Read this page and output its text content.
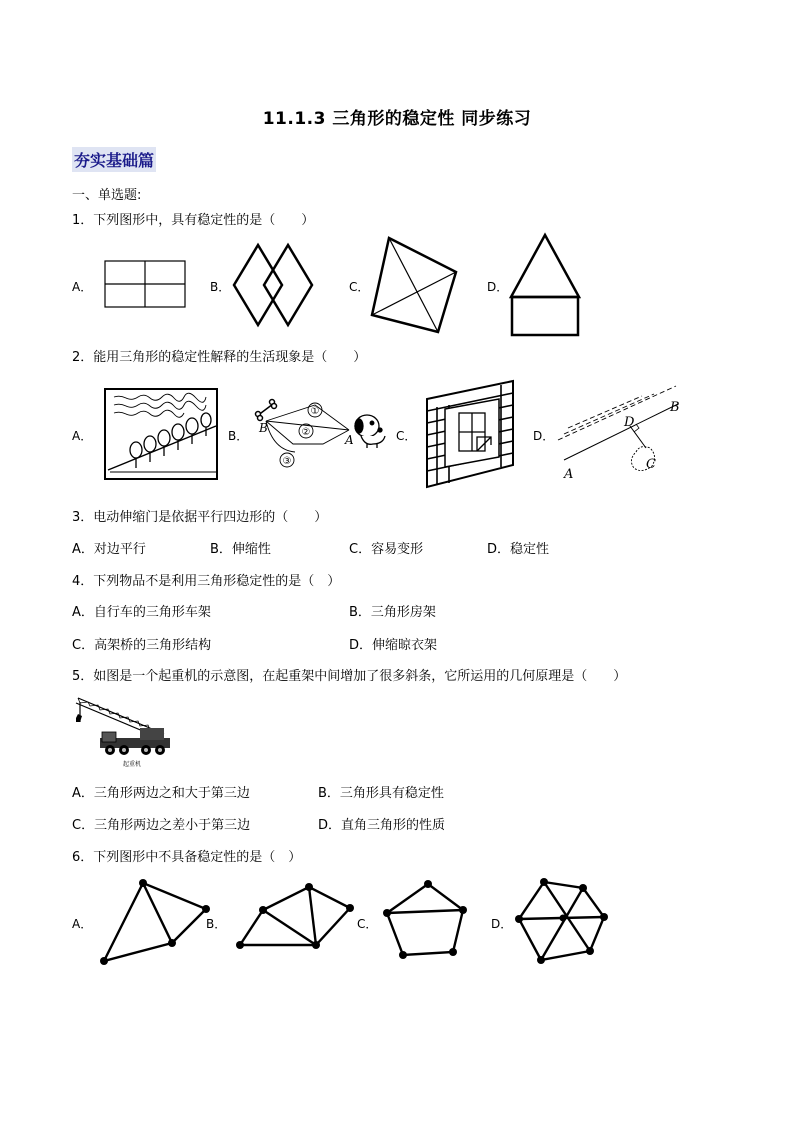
11.1.3 三角形的稳定性 同步练习
夯实基础篇
一、单选题:
1．下列图形中，具有稳定性的是（　　）
A．	B．	C．	D．
2．能用三角形的稳定性解释的生活现象是（　　）
A．	B．
①
②
③
B
A	C．	D．
A
B
C
D
3．电动伸缩门是依据平行四边形的（　　）
A．对边平行	B．伸缩性	C．容易变形	D．稳定性
4．下列物品不是利用三角形稳定性的是（　）
A．自行车的三角形车架	B．三角形房架
C．高架桥的三角形结构	D．伸缩晾衣架
5．如图是一个起重机的示意图，在起重架中间增加了很多斜条，它所运用的几何原理是（　　）
起重机
A．三角形两边之和大于第三边	B．三角形具有稳定性
C．三角形两边之差小于第三边	D．直角三角形的性质
6．下列图形中不具备稳定性的是（　）
A．	B．	C．	D．
